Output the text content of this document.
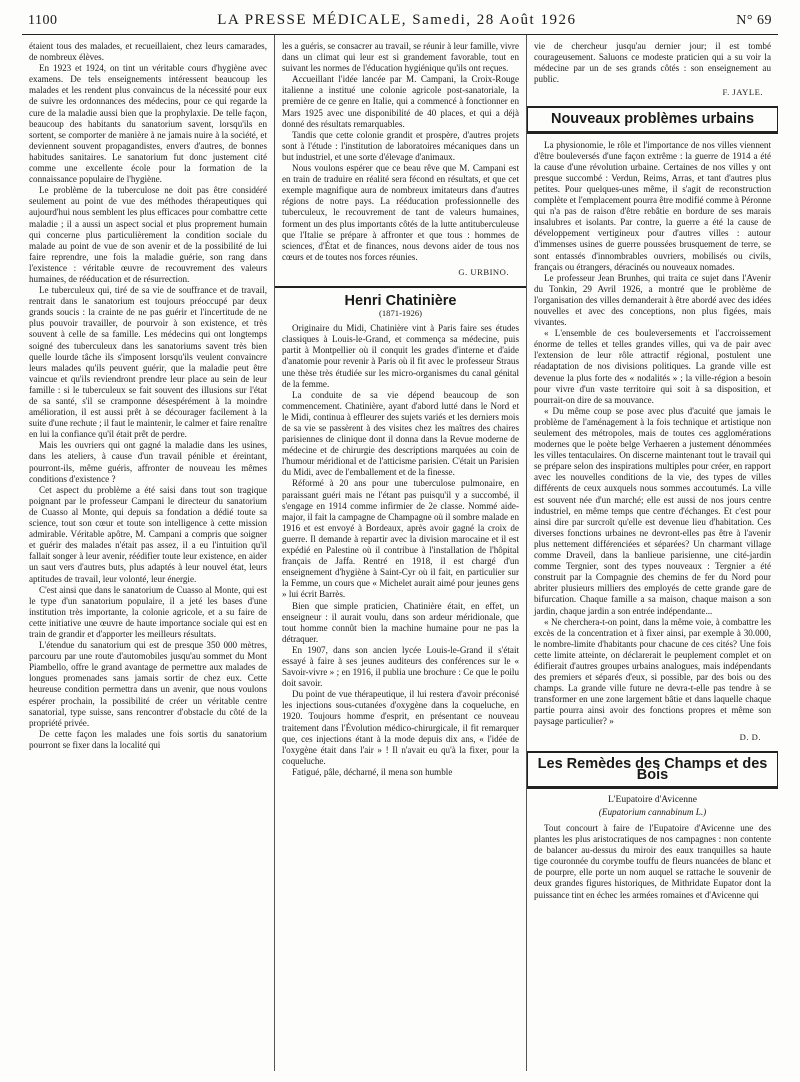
1100	LA PRESSE MÉDICALE, Samedi, 28 Août 1926	N° 69

étaient tous des malades, et recueillaient, chez leurs camarades, de nombreux élèves.

En 1923 et 1924, on tint un véritable cours d'hygiène avec examens. De tels enseignements intéressent beaucoup les malades et les rendent plus convaincus de la nécessité pour eux de suivre les ordonnances des médecins, pour ce qui regarde la cure de la maladie aussi bien que la prophylaxie. De telle façon, beaucoup des habitants du sanatorium savent, lorsqu'ils en sortent, se comporter de manière à ne jamais nuire à la société, et deviennent souvent propagandistes, envers d'autres, de bonnes habitudes sanitaires. Le sanatorium fut donc justement cité comme une excellente école pour la formation de la connaissance populaire de l'hygiène.

Le problème de la tuberculose ne doit pas être considéré seulement au point de vue des méthodes thérapeutiques qui aujourd'hui nous semblent les plus efficaces pour combattre cette maladie ; il a aussi un aspect social et plus proprement humain qui concerne plus particulièrement la condition sociale du malade au point de vue de son avenir et de la possibilité de lui faire reprendre, une fois la maladie guérie, son rang dans l'existence : véritable œuvre de recouvrement des valeurs humaines, de rééducation et de résurrection.

Le tuberculeux qui, tiré de sa vie de souffrance et de travail, rentrait dans le sanatorium est toujours préoccupé par deux grands soucis : la crainte de ne pas guérir et l'incertitude de ne plus pouvoir travailler, de pourvoir à son existence, et très souvent à celle de sa famille. Les médecins qui ont longtemps soigné des tuberculeux dans les sanatoriums savent très bien quelle lourde tâche ils s'imposent lorsqu'ils veulent convaincre leurs malades qu'ils peuvent guérir, que la maladie peut être vaincue et qu'ils reviendront prendre leur place au sein de leur famille : si le tuberculeux se fait souvent des illusions sur l'état de sa santé, s'il se cramponne désespérément à la moindre amélioration, il est aussi prêt à se décourager facilement à la suite d'une rechute ; il faut le maintenir, le calmer et faire renaître en lui la confiance qu'il était prêt de perdre.

Mais les ouvriers qui ont gagné la maladie dans les usines, dans les ateliers, à cause d'un travail pénible et éreintant, pourront-ils, même guéris, affronter de nouveau les mêmes conditions d'existence ?

Cet aspect du problème a été saisi dans tout son tragique poignant par le professeur Campani le directeur du sanatorium de Cuasso al Monte, qui depuis sa fondation a dédié toute sa science, tout son cœur et toute son intelligence à cette mission admirable. Véritable apôtre, M. Campani a compris que soigner et guérir des malades n'était pas assez, il a eu l'intuition qu'il fallait songer à leur avenir, réédifier toute leur existence, en aider un saut vers d'autres buts, plus adaptés à leur nouvel état, leurs aptitudes de travail, leur volonté, leur énergie.

C'est ainsi que dans le sanatorium de Cuasso al Monte, qui est le type d'un sanatorium populaire, il a jeté les bases d'une institution très importante, la colonie agricole, et a su faire de cette initiative une œuvre de haute importance sociale qui est en train de grandir et d'apporter les meilleurs résultats.

L'étendue du sanatorium qui est de presque 350 000 mètres, parcouru par une route d'automobiles jusqu'au sommet du Mont Piambello, offre le grand avantage de permettre aux malades de longues promenades sans jamais sortir de chez eux. Cette heureuse condition permettra dans un avenir, que nous voulons espérer prochain, la possibilité de créer un véritable centre sanatorial, type suisse, sans rencontrer d'obstacle du côté de la propriété privée.

De cette façon les malades une fois sortis du sanatorium pourront se fixer dans la localité qui

les a guéris, se consacrer au travail, se réunir à leur famille, vivre dans un climat qui leur est si grandement favorable, tout en suivant les normes de l'éducation hygiénique qu'ils ont reçues.

Accueillant l'idée lancée par M. Campani, la Croix-Rouge italienne a institué une colonie agricole post-sanatoriale, la première de ce genre en Italie, qui a commencé à fonctionner en Mars 1925 avec une disponibilité de 40 places, et qui a déjà donné des résultats remarquables.

Tandis que cette colonie grandit et prospère, d'autres projets sont à l'étude : l'institution de laboratoires mécaniques dans un but industriel, et une sorte d'élevage d'animaux.

Nous voulons espérer que ce beau rêve que M. Campani est en train de traduire en réalité sera fécond en résultats, et que cet exemple magnifique aura de nombreux imitateurs dans d'autres régions de notre pays. La rééducation professionnelle des tuberculeux, le recouvrement de tant de valeurs humaines, forment un des plus importants côtés de la lutte antituberculeuse que l'Italie se prépare à affronter et que tous : hommes de sciences, d'État et de finances, nous devons aider de tous nos cœurs et de toutes nos forces réunies.

G. URBINO.
Henri Chatinière
(1871-1926)

Originaire du Midi, Chatinière vint à Paris faire ses études classiques à Louis-le-Grand, et commença sa médecine, puis partit à Montpellier où il conquit les grades d'interne et d'aide d'anatomie pour revenir à Paris où il fit avec le professeur Straus une thèse très étudiée sur les micro-organismes du canal génital de la femme.

La conduite de sa vie dépend beaucoup de son commencement. Chatinière, ayant d'abord lutté dans le Nord et le Midi, continua à effleurer des sujets variés et les derniers mois de sa vie se passèrent à des visites chez les maîtres des chaires parisiennes de clinique dont il donna dans la Revue moderne de médecine et de chirurgie des descriptions marquées au coin de l'humour méridional et de l'atticisme parisien. C'était un Parisien du Midi, avec de l'emballement et de la finesse.

Réformé à 20 ans pour une tuberculose pulmonaire, en paraissant guéri mais ne l'étant pas puisqu'il y a succombé, il s'engage en 1914 comme infirmier de 2e classe. Nommé aide-major, il fait la campagne de Champagne où il sombre malade en 1916 et est envoyé à Bordeaux, après avoir gagné la croix de guerre. Il demande à repartir avec la division marocaine et il est expédié en Palestine où il contribue à l'installation de l'hôpital français de Jaffa. Rentré en 1918, il est chargé d'un enseignement d'hygiène à Saint-Cyr où il fait, en particulier sur la Femme, un cours que « Michelet aurait aimé pour jeunes gens » lui écrit Barrès.

Bien que simple praticien, Chatinière était, en effet, un enseigneur : il aurait voulu, dans son ardeur méridionale, que tout homme connût bien la machine humaine pour ne pas la détraquer.

En 1907, dans son ancien lycée Louis-le-Grand il s'était essayé à faire à ses jeunes auditeurs des conférences sur le « Savoir-vivre » ; en 1916, il publia une brochure : Ce que le poilu doit savoir.

Du point de vue thérapeutique, il lui restera d'avoir préconisé les injections sous-cutanées d'oxygène dans la coqueluche, en 1920. Toujours homme d'esprit, en présentant ce nouveau traitement dans l'Évolution médico-chirurgicale, il fit remarquer que, ces injections étant à la mode depuis dix ans, « l'idée de l'oxygène était dans l'air » ! Il n'avait eu qu'à la fixer, pour la coqueluche.

Fatigué, pâle, décharné, il mena son humble

vie de chercheur jusqu'au dernier jour; il est tombé courageusement. Saluons ce modeste praticien qui a su voir la médecine par un de ses grands côtés : son enseignement au public.

F. JAYLE.
Nouveaux problèmes urbains

La physionomie, le rôle et l'importance de nos villes viennent d'être bouleversés d'une façon extrême : la guerre de 1914 a été la cause d'une révolution urbaine. Certaines de nos villes y ont presque succombé : Verdun, Reims, Arras, et tant d'autres plus petites. Pour quelques-unes même, il s'agit de reconstruction complète et l'emplacement pourra être modifié comme à Péronne qui n'a pas de raison d'être rebâtie en bordure de ses marais insalubres et isolants. Par contre, la guerre a été la cause de développement vertigineux pour d'autres villes : autour d'immenses usines de guerre poussées brusquement de terre, se sont entassés d'innombrables ouvriers, mobilisés ou civils, français ou étrangers, déracinés ou nouveaux nomades.

Le professeur Jean Brunhes, qui traita ce sujet dans l'Avenir du Tonkin, 29 Avril 1926, a montré que le problème de l'organisation des villes demanderait à être abordé avec des idées nouvelles et avec des conceptions, non plus figées, mais vivantes.

« L'ensemble de ces bouleversements et l'accroissement énorme de telles et telles grandes villes, qui va de pair avec l'extension de leur rôle attractif régional, postulent une réadaptation de nos divisions politiques. La grande ville est devenue la plus forte des « nodalités » ; la ville-région a besoin pour vivre d'un vaste territoire qui soit à sa disposition, et pourrait-on dire de sa mouvance.

« Du même coup se pose avec plus d'acuité que jamais le problème de l'aménagement à la fois technique et artistique non seulement des métropoles, mais de toutes ces agglomérations modernes que le poète belge Verhaeren a justement dénommées les villes tentaculaires. On discerne maintenant tout le travail qui se prépare selon des inspirations multiples pour créer, en rapport avec les nouvelles conditions de la vie, des types de villes différents de ceux auxquels nous sommes accoutumés. La ville est souvent née d'un marché; elle est aussi de nos jours centre industriel, en même temps que centre d'échanges. Et c'est pour ainsi dire par surcroît qu'elle est devenue lieu d'habitation. Ces diverses fonctions urbaines ne devront-elles pas être à l'avenir plus nettement différenciées et séparées? Un charmant village comme Draveil, dans la banlieue parisienne, une cité-jardin comme Tergnier, sont des types nouveaux : Tergnier a été construit par la Compagnie des chemins de fer du Nord pour abriter plusieurs milliers des employés de cette grande gare de bifurcation. Chaque famille a sa maison, chaque maison a son jardin, chaque jardin a son entrée indépendante...

« Ne cherchera-t-on point, dans la même voie, à combattre les excès de la concentration et à fixer ainsi, par exemple à 30.000, le nombre-limite d'habitants pour chacune de ces cités? Une fois cette limite atteinte, on déclarerait le peuplement complet et on édifierait d'autres groupes urbains analogues, mais indépendants des premiers et séparés d'eux, si possible, par des bois ou des champs. La grande ville future ne devra-t-elle pas tendre à se transformer en une zone largement bâtie et dans laquelle chaque partie pourra ainsi avoir des fonctions propres et même son paysage particulier? »

D. D.
Les Remèdes des Champs et des Bois
L'Eupatoire d'Avicenne
(Eupatorium cannabinum L.)

Tout concourt à faire de l'Eupatoire d'Avicenne une des plantes les plus aristocratiques de nos campagnes : non contente de balancer au-dessus du miroir des eaux tranquilles sa haute tige couronnée du corymbe touffu de fleurs nuancées de blanc et de pourpre, elle porte un nom auquel se rattache le souvenir de deux grandes figures historiques, de Mithridate Eupator dont la puissance tint en échec les armées romaines et d'Avicenne qui
